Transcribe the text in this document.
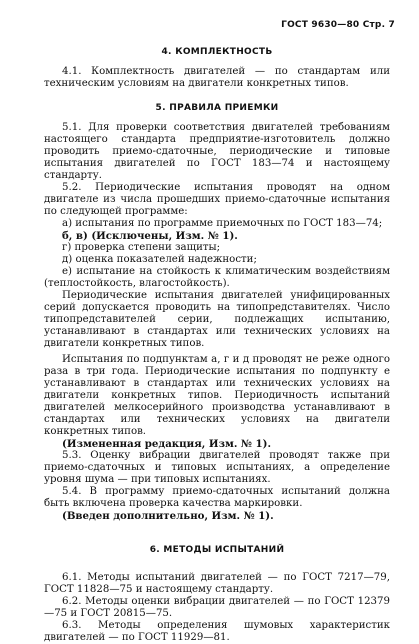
ГОСТ 9630—80 Стр. 7
4. КОМПЛЕКТНОСТЬ

4.1. Комплектность двигателей — по стандартам или техническим условиям на двигатели конкретных типов.

5. ПРАВИЛА ПРИЕМКИ

5.1. Для проверки соответствия двигателей требованиям настоящего стандарта предприятие-изготовитель должно проводить приемо-сдаточные, периодические и типовые испытания двигателей по ГОСТ 183—74 и настоящему стандарту.

5.2. Периодические испытания проводят на одном двигателе из числа прошедших приемо-сдаточные испытания по следующей программе:

а) испытания по программе приемочных по ГОСТ 183—74;

б, в) (Исключены, Изм. № 1).

г) проверка степени защиты;

д) оценка показателей надежности;

е) испытание на стойкость к климатическим воздействиям (теплостойкость, влагостойкость).

Периодические испытания двигателей унифицированных серий допускается проводить на типопредставителях. Число типопредставителей серии, подлежащих испытанию, устанавливают в стандартах или технических условиях на двигатели конкретных типов.

Испытания по подпунктам а, г и д проводят не реже одного раза в три года. Периодические испытания по подпункту е устанавливают в стандартах или технических условиях на двигатели конкретных типов. Периодичность испытаний двигателей мелкосерийного производства устанавливают в стандартах или технических условиях на двигатели конкретных типов.

(Измененная редакция, Изм. № 1).

5.3. Оценку вибрации двигателей проводят также при приемо-сдаточных и типовых испытаниях, а определение уровня шума — при типовых испытаниях.

5.4. В программу приемо-сдаточных испытаний должна быть включена проверка качества маркировки.

(Введен дополнительно, Изм. № 1).

6. МЕТОДЫ ИСПЫТАНИЙ

6.1. Методы испытаний двигателей — по ГОСТ 7217—79, ГОСТ 11828—75 и настоящему стандарту.

6.2. Методы оценки вибрации двигателей — по ГОСТ 12379—75 и ГОСТ 20815—75.

6.3. Методы определения шумовых характеристик двигателей — по ГОСТ 11929—81.
